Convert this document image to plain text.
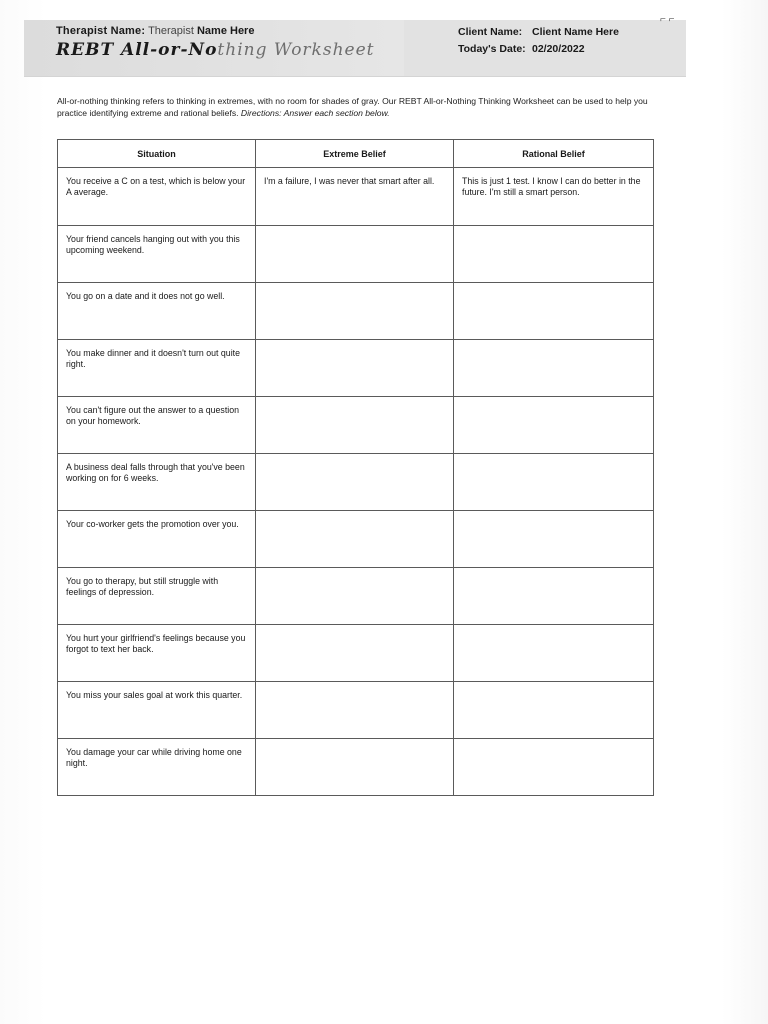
Therapist Name: Therapist Name Here
REBT All-or-Nothing Worksheet
Client Name: Client Name Here
Today's Date: 02/20/2022
⌐ ⌐
All-or-nothing thinking refers to thinking in extremes, with no room for shades of gray. Our REBT All-or-Nothing Thinking Worksheet can be used to help you practice identifying extreme and rational beliefs. Directions: Answer each section below.
Situation	Extreme Belief	Rational Belief
You receive a C on a test, which is below your A average.	I'm a failure, I was never that smart after all.	This is just 1 test. I know I can do better in the future. I'm still a smart person.
Your friend cancels hanging out with you this upcoming weekend.		
You go on a date and it does not go well.		
You make dinner and it doesn't turn out quite right.		
You can't figure out the answer to a question on your homework.		
A business deal falls through that you've been working on for 6 weeks.		
Your co-worker gets the promotion over you.		
You go to therapy, but still struggle with feelings of depression.		
You hurt your girlfriend's feelings because you forgot to text her back.		
You miss your sales goal at work this quarter.		
You damage your car while driving home one night.		
